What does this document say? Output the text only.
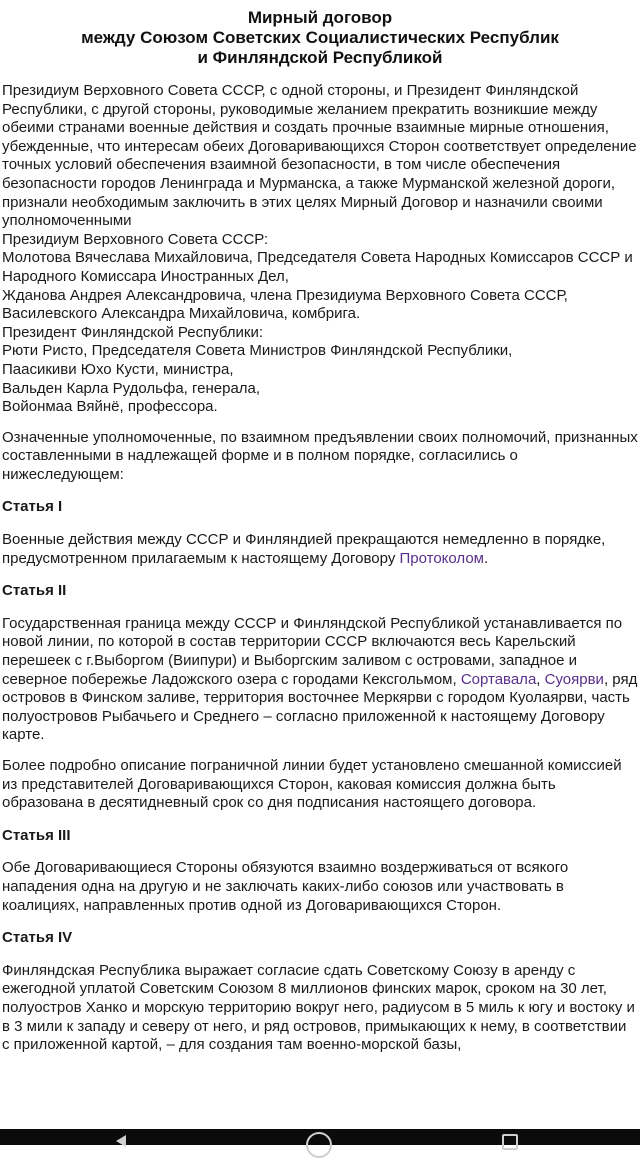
Мирный договор
между Союзом Советских Социалистических Республик
и Финляндской Республикой

Президиум Верховного Совета СССР, с одной стороны, и Президент Финляндской Республики, с другой стороны, руководимые желанием прекратить возникшие между обеими странами военные действия и создать прочные взаимные мирные отношения, убежденные, что интересам обеих Договаривающихся Сторон соответствует определение точных условий обеспечения взаимной безопасности, в том числе обеспечения безопасности городов Ленинграда и Мурманска, а также Мурманской железной дороги, признали необходимым заключить в этих целях Мирный Договор и назначили своими уполномоченными

Президиум Верховного Совета СССР:

Молотова Вячеслава Михайловича, Председателя Совета Народных Комиссаров СССР и Народного Комиссара Иностранных Дел,

Жданова Андрея Александровича, члена Президиума Верховного Совета СССР,

Василевского Александра Михайловича, комбрига.

Президент Финляндской Республики:

Рюти Ристо, Председателя Совета Министров Финляндской Республики,

Паасикиви Юхо Кусти, министра,

Вальден Карла Рудольфа, генерала,

Войонмаа Вяйнё, профессора.

Означенные уполномоченные, по взаимном предъявлении своих полномочий, признанных составленными в надлежащей форме и в полном порядке, согласились о нижеследующем:

Статья I

Военные действия между СССР и Финляндией прекращаются немедленно в порядке, предусмотренном прилагаемым к настоящему Договору Протоколом.

Статья II

Государственная граница между СССР и Финляндской Республикой устанавливается по новой линии, по которой в состав территории СССР включаются весь Карельский перешеек с г.Выборгом (Виипури) и Выборгским заливом с островами, западное и северное побережье Ладожского озера с городами Кексгольмом, Сортавала, Суоярви, ряд островов в Финском заливе, территория восточнее Меркярви с городом Куолаярви, часть полуостровов Рыбачьего и Среднего – согласно приложенной к настоящему Договору карте.

Более подробно описание пограничной линии будет установлено смешанной комиссией из представителей Договаривающихся Сторон, каковая комиссия должна быть образована в десятидневный срок со дня подписания настоящего договора.

Статья III

Обе Договаривающиеся Стороны обязуются взаимно воздерживаться от всякого нападения одна на другую и не заключать каких-либо союзов или участвовать в коалициях, направленных против одной из Договаривающихся Сторон.

Статья IV

Финляндская Республика выражает согласие сдать Советскому Союзу в аренду с ежегодной уплатой Советским Союзом 8 миллионов финских марок, сроком на 30 лет, полуостров Ханко и морскую территорию вокруг него, радиусом в 5 миль к югу и востоку и в 3 мили к западу и северу от него, и ряд островов, примыкающих к нему, в соответствии с приложенной картой, – для создания там военно-морской базы,
